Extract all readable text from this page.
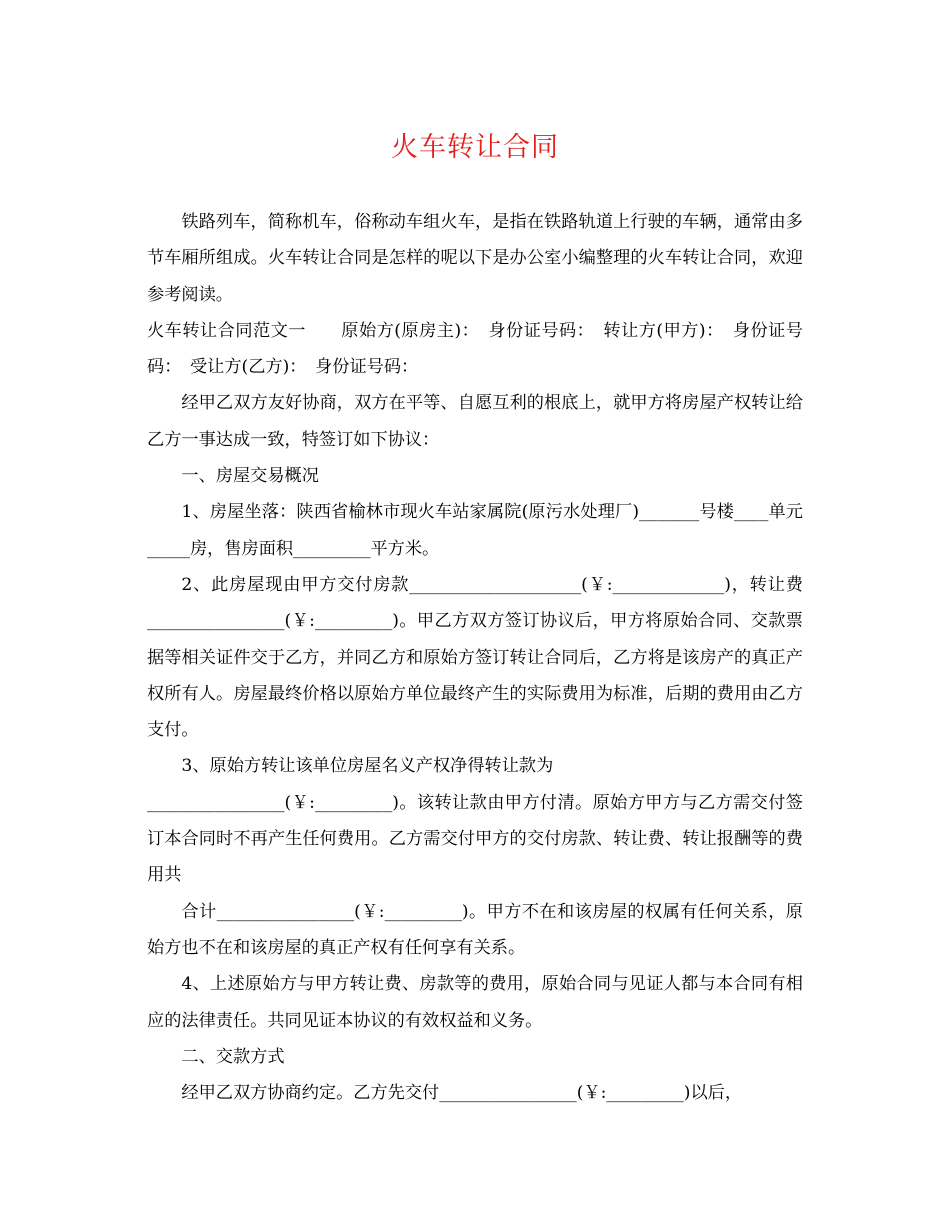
火车转让合同

铁路列车，简称机车，俗称动车组火车，是指在铁路轨道上行驶的车辆，通常由多节车厢所组成。火车转让合同是怎样的呢以下是办公室小编整理的火车转让合同，欢迎参考阅读。

火车转让合同范文一　　原始方(原房主)：　身份证号码：　转让方(甲方)：　身份证号码：　受让方(乙方)：　身份证号码：

经甲乙双方友好协商，双方在平等、自愿互利的根底上，就甲方将房屋产权转让给乙方一事达成一致，特签订如下协议：

一、房屋交易概况

1、房屋坐落：陕西省榆林市现火车站家属院(原污水处理厂)_______号楼____单元_____房，售房面积_________平方米。

2、此房屋现由甲方交付房款____________________(￥:_____________)，转让费________________(￥:_________)。甲乙方双方签订协议后，甲方将原始合同、交款票据等相关证件交于乙方，并同乙方和原始方签订转让合同后，乙方将是该房产的真正产权所有人。房屋最终价格以原始方单位最终产生的实际费用为标准，后期的费用由乙方支付。

3、原始方转让该单位房屋名义产权净得转让款为

________________(￥:_________)。该转让款由甲方付清。原始方甲方与乙方需交付签订本合同时不再产生任何费用。乙方需交付甲方的交付房款、转让费、转让报酬等的费用共

合计________________(￥:_________)。甲方不在和该房屋的权属有任何关系，原始方也不在和该房屋的真正产权有任何享有关系。

4、上述原始方与甲方转让费、房款等的费用，原始合同与见证人都与本合同有相应的法律责任。共同见证本协议的有效权益和义务。

二、交款方式

经甲乙双方协商约定。乙方先交付________________(￥:_________)以后，
